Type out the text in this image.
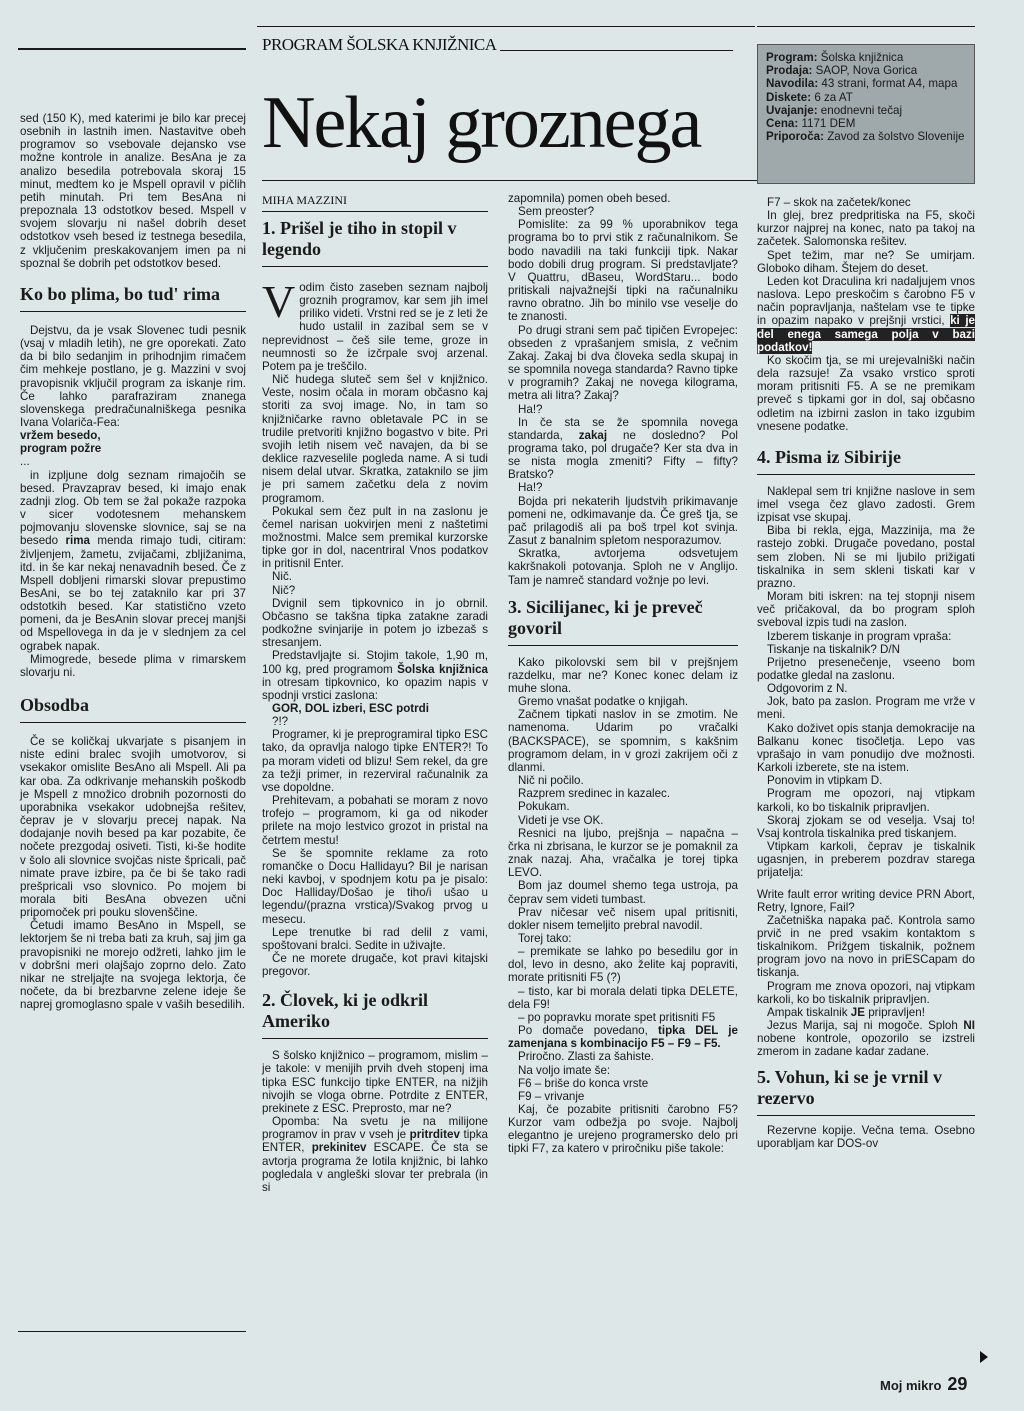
PROGRAM ŠOLSKA KNJIŽNICA
Nekaj groznega
Program: Šolska knjižnica
Prodaja: SAOP, Nova Gorica
Navodila: 43 strani, format A4, mapa
Diskete: 6 za AT
Uvajanje: enodnevni tečaj
Cena: 1171 DEM
Priporoča: Zavod za šolstvo Slovenije
MIHA MAZZINI

sed (150 K), med katerimi je bilo kar precej osebnih in lastnih imen. Nastavitve obeh programov so vsebovale dejansko vse možne kontrole in analize. BesAna je za analizo besedila potrebovala skoraj 15 minut, medtem ko je Mspell opravil v pičlih petih minutah. Pri tem BesAna ni prepoznala 13 odstotkov besed. Mspell v svojem slovarju ni našel dobrih deset odstotkov vseh besed iz testnega besedila, z vključenim preskakovanjem imen pa ni spoznal še dobrih pet odstotkov besed.

Ko bo plima, bo tud' rima

Dejstvu, da je vsak Slovenec tudi pesnik (vsaj v mladih letih), ne gre oporekati. Zato da bi bilo sedanjim in prihodnjim rimačem čim mehkeje postlano, je g. Mazzini v svoj pravopisnik vključil program za iskanje rim. Če lahko parafraziram znanega slovenskega predračunalniškega pesnika Ivana Volariča-Fea:

vržem besedo,

program požre

...

in izpljune dolg seznam rimajočih se besed. Pravzaprav besed, ki imajo enak zadnji zlog. Ob tem se žal pokaže razpoka v sicer vodotesnem mehanskem pojmovanju slovenske slovnice, saj se na besedo rima menda rimajo tudi, citiram: življenjem, žametu, zvijačami, zbljižanima, itd. in še kar nekaj nenavadnih besed. Če z Mspell dobljeni rimarski slovar prepustimo BesAni, se bo tej zataknilo kar pri 37 odstotkih besed. Kar statistično vzeto pomeni, da je BesAnin slovar precej manjši od Mspellovega in da je v slednjem za cel ograbek napak.

Mimogrede, besede plima v rimarskem slovarju ni.

Obsodba

Če se količkaj ukvarjate s pisanjem in niste edini bralec svojih umotvorov, si vsekakor omislite BesAno ali Mspell. Ali pa kar oba. Za odkrivanje mehanskih poškodb je Mspell z množico drobnih pozornosti do uporabnika vsekakor udobnejša rešitev, čeprav je v slovarju precej napak. Na dodajanje novih besed pa kar pozabite, če nočete prezgodaj osiveti. Tisti, ki-še hodite v šolo ali slovnice svojčas niste špricali, pač nimate prave izbire, pa če bi še tako radi prešpricali vso slovnico. Po mojem bi morala biti BesAna obvezen učni pripomoček pri pouku slovenščine.

Četudi imamo BesAno in Mspell, se lektorjem še ni treba bati za kruh, saj jim ga pravopisniki ne morejo odžreti, lahko jim le v dobršni meri olajšajo zoprno delo. Zato nikar ne streljajte na svojega lektorja, če nočete, da bi brezbarvne zelene ideje še naprej gromoglasno spale v vaših besedilih.

1. Prišel je tiho in stopil v legendo

Vodim čisto zaseben seznam najbolj groznih programov, kar sem jih imel priliko videti. Vrstni red se je z leti že hudo ustalil in zazibal sem se v neprevidnost – češ sile teme, groze in neumnosti so že izčrpale svoj arzenal. Potem pa je treščilo.

Nič hudega sluteč sem šel v knjižnico. Veste, nosim očala in moram občasno kaj storiti za svoj image. No, in tam so knjižničarke ravno obletavale PC in se trudile pretvoriti knjižno bogastvo v bite. Pri svojih letih nisem več navajen, da bi se deklice razveselile pogleda name. A si tudi nisem delal utvar. Skratka, zataknilo se jim je pri samem začetku dela z novim programom.

Pokukal sem čez pult in na zaslonu je čemel narisan uokvirjen meni z naštetimi možnostmi. Malce sem premikal kurzorske tipke gor in dol, nacentriral Vnos podatkov in pritisnil Enter.

Nič.

Nič?

Dvignil sem tipkovnico in jo obrnil. Občasno se takšna tipka zatakne zaradi podkožne svinjarije in potem jo izbezaš s stresanjem.

Predstavljajte si. Stojim takole, 1,90 m, 100 kg, pred programom Šolska knjižnica in otresam tipkovnico, ko opazim napis v spodnji vrstici zaslona:

GOR, DOL izberi, ESC potrdi

?!?

Programer, ki je preprogramiral tipko ESC tako, da opravlja nalogo tipke ENTER?! To pa moram videti od blizu! Sem rekel, da gre za težji primer, in rezerviral računalnik za vse dopoldne.

Prehitevam, a pobahati se moram z novo trofejo – programom, ki ga od nikoder prilete na mojo lestvico grozot in pristal na četrtem mestu!

Se še spomnite reklame za roto romančke o Docu Hallidayu? Bil je narisan neki kavboj, v spodnjem kotu pa je pisalo: Doc Halliday/Došao je tiho/i ušao u legendu/(prazna vrstica)/Svakog prvog u mesecu.

Lepe trenutke bi rad delil z vami, spoštovani bralci. Sedite in uživajte.

Če ne morete drugače, kot pravi kitajski pregovor.

2. Človek, ki je odkril Ameriko

S šolsko knjižnico – programom, mislim – je takole: v menijih prvih dveh stopenj ima tipka ESC funkcijo tipke ENTER, na nižjih nivojih se vloga obrne. Potrdite z ENTER, prekinete z ESC. Preprosto, mar ne?

Opomba: Na svetu je na milijone programov in prav v vseh je pritrditev tipka ENTER, prekinitev ESCAPE. Če sta se avtorja programa že lotila knjižnic, bi lahko pogledala v angleški slovar ter prebrala (in si

zapomnila) pomen obeh besed.

Sem preoster?

Pomislite: za 99 % uporabnikov tega programa bo to prvi stik z računalnikom. Se bodo navadili na taki funkciji tipk. Nakar bodo dobili drug program. Si predstavljate? V Quattru, dBaseu, WordStaru... bodo pritiskali najvažnejši tipki na računalniku ravno obratno. Jih bo minilo vse veselje do te znanosti.

Po drugi strani sem pač tipičen Evropejec: obseden z vprašanjem smisla, z večnim Zakaj. Zakaj bi dva človeka sedla skupaj in se spomnila novega standarda? Ravno tipke v programih? Zakaj ne novega kilograma, metra ali litra? Zakaj?

Ha!?

In če sta se že spomnila novega standarda, zakaj ne dosledno? Pol programa tako, pol drugače? Ker sta dva in se nista mogla zmeniti? Fifty – fifty? Bratsko?

Ha!?

Bojda pri nekaterih ljudstvih prikimavanje pomeni ne, odkimavanje da. Če greš tja, se pač prilagodiš ali pa boš trpel kot svinja. Zasut z banalnim spletom nesporazumov.

Skratka, avtorjema odsvetujem kakršnakoli potovanja. Sploh ne v Anglijo. Tam je namreč standard vožnje po levi.

3. Sicilijanec, ki je preveč govoril

Kako pikolovski sem bil v prejšnjem razdelku, mar ne? Konec konec delam iz muhe slona.

Gremo vnašat podatke o knjigah.

Začnem tipkati naslov in se zmotim. Ne namenoma. Udarim po vračalki (BACKSPACE), se spomnim, s kakšnim programom delam, in v grozi zakrijem oči z dlanmi.

Nič ni počilo.

Razprem sredinec in kazalec.

Pokukam.

Videti je vse OK.

Resnici na ljubo, prejšnja – napačna – črka ni zbrisana, le kurzor se je pomaknil za znak nazaj. Aha, vračalka je torej tipka LEVO.

Bom jaz doumel shemo tega ustroja, pa čeprav sem videti tumbast.

Prav ničesar več nisem upal pritisniti, dokler nisem temeljito prebral navodil.

Torej tako:

– premikate se lahko po besedilu gor in dol, levo in desno, ako želite kaj popraviti, morate pritisniti F5 (?)

– tisto, kar bi morala delati tipka DELETE, dela F9!

– po popravku morate spet pritisniti F5

Po domače povedano, tipka DEL je zamenjana s kombinacijo F5 – F9 – F5.

Priročno. Zlasti za šahiste.

Na voljo imate še:

F6 – briše do konca vrste

F9 – vrivanje

Kaj, če pozabite pritisniti čarobno F5? Kurzor vam odbežja po svoje. Najbolj elegantno je urejeno programersko delo pri tipki F7, za katero v priročniku piše takole:

F7 – skok na začetek/konec

In glej, brez predpritiska na F5, skoči kurzor najprej na konec, nato pa takoj na začetek. Salomonska rešitev.

Spet težim, mar ne? Se umirjam. Globoko diham. Štejem do deset.

Leden kot Draculina kri nadaljujem vnos naslova. Lepo preskočim s čarobno F5 v način popravljanja, naštelam vse te tipke in opazim napako v prejšnji vrstici, ki je del enega samega polja v bazi podatkov!

Ko skočim tja, se mi urejevalniški način dela razsuje! Za vsako vrstico sproti moram pritisniti F5. A se ne premikam preveč s tipkami gor in dol, saj občasno odletim na izbirni zaslon in tako izgubim vnesene podatke.

4. Pisma iz Sibirije

Naklepal sem tri knjižne naslove in sem imel vsega čez glavo zadosti. Grem izpisat vse skupaj.

Biba bi rekla, ejga, Mazzinija, ma že rastejo zobki. Drugače povedano, postal sem zloben. Ni se mi ljubilo prižigati tiskalnika in sem skleni tiskati kar v prazno.

Moram biti iskren: na tej stopnji nisem več pričakoval, da bo program sploh sveboval izpis tudi na zaslon.

Izberem tiskanje in program vpraša:

Tiskanje na tiskalnik? D/N

Prijetno presenečenje, vseeno bom podatke gledal na zaslonu.

Odgovorim z N.

Jok, bato pa zaslon. Program me vrže v meni.

Kako doživet opis stanja demokracije na Balkanu konec tisočletja. Lepo vas vprašajo in vam ponudijo dve možnosti. Karkoli izberete, ste na istem.

Ponovim in vtipkam D.

Program me opozori, naj vtipkam karkoli, ko bo tiskalnik pripravljen.

Skoraj zjokam se od veselja. Vsaj to! Vsaj kontrola tiskalnika pred tiskanjem.

Vtipkam karkoli, čeprav je tiskalnik ugasnjen, in preberem pozdrav starega prijatelja:

Write fault error writing device PRN Abort, Retry, Ignore, Fail?

Začetniška napaka pač. Kontrola samo prvič in ne pred vsakim kontaktom s tiskalnikom. Prižgem tiskalnik, požnem program jovo na novo in priESCapam do tiskanja.

Program me znova opozori, naj vtipkam karkoli, ko bo tiskalnik pripravljen.

Ampak tiskalnik JE pripravljen!

Jezus Marija, saj ni mogoče. Sploh NI nobene kontrole, opozorilo se izstreli zmerom in zadane kadar zadane.

5. Vohun, ki se je vrnil v rezervo

Rezervne kopije. Večna tema. Osebno uporabljam kar DOS-ov

Moj mikro 29
